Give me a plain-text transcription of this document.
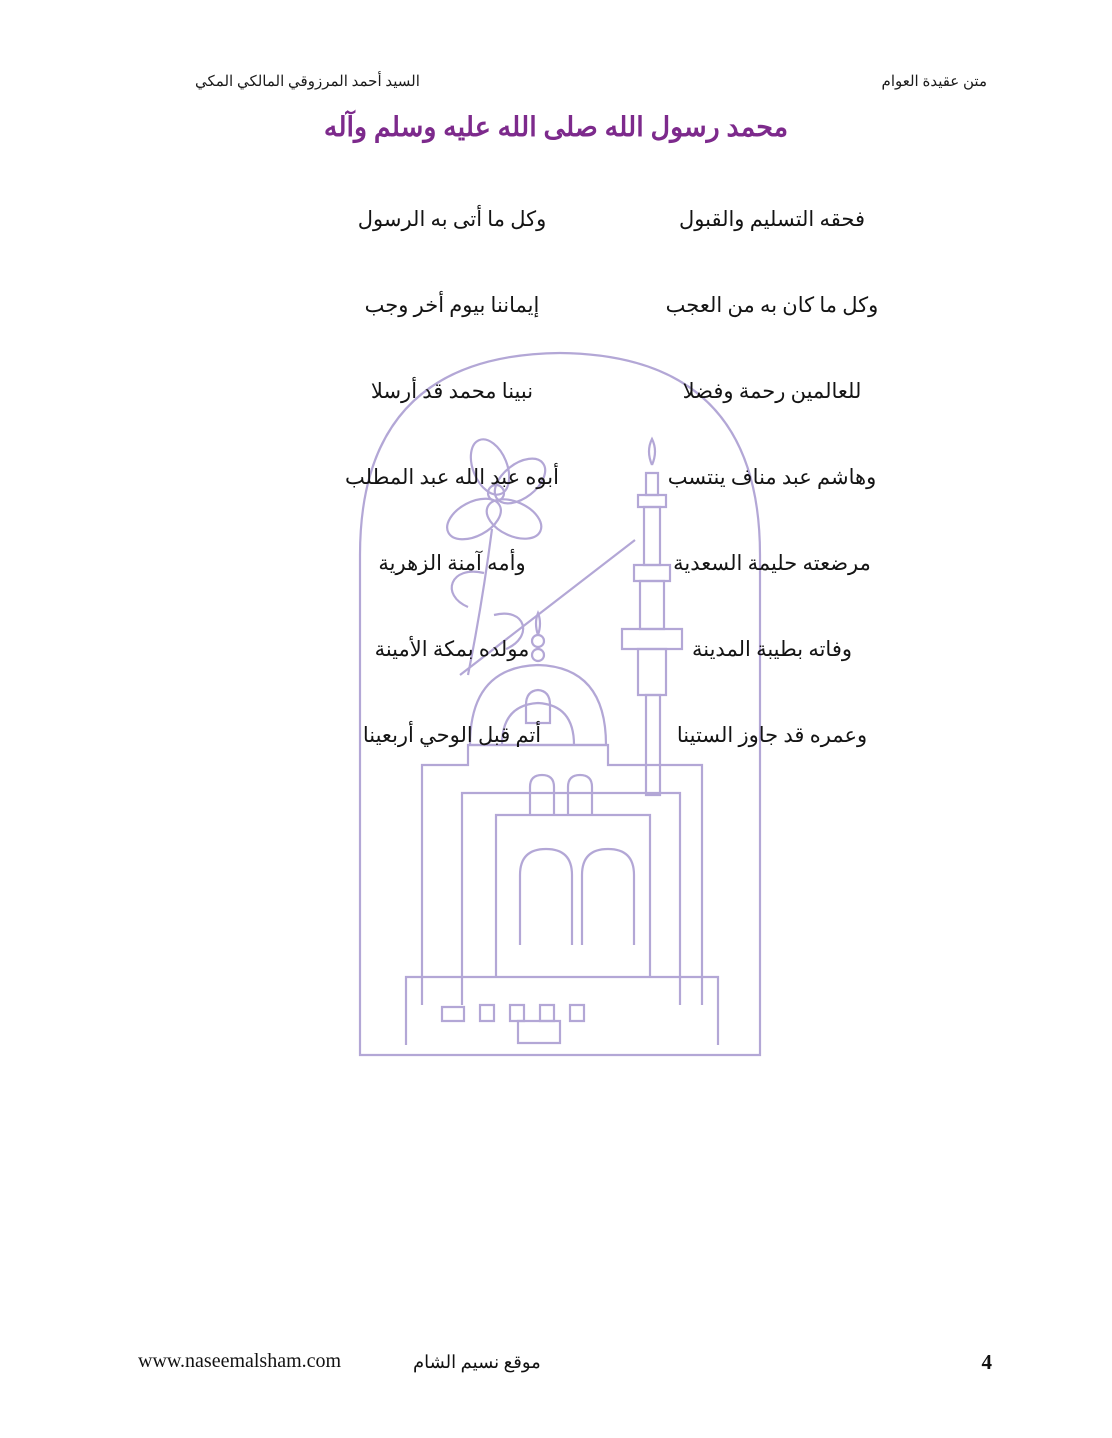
متن عقيدة العوام
السيد أحمد المرزوقي المالكي المكي
محمد رسول الله صلى الله عليه وسلم وآله
وكل ما أتى به الرسول	فحقه التسليم والقبول
إيماننا بيوم أخر وجب	وكل ما كان به من العجب
نبينا محمد قد أرسلا	للعالمين رحمة وفضلا
أبوه عبد الله عبد المطلب	وهاشم عبد مناف ينتسب
وأمه آمنة الزهرية	مرضعته حليمة السعدية
مولده بمكة الأمينة	وفاته بطيبة المدينة
أتم قبل الوحي أربعينا	وعمره قد جاوز الستينا
www.naseemalsham.com	موقع نسيم الشام	4
